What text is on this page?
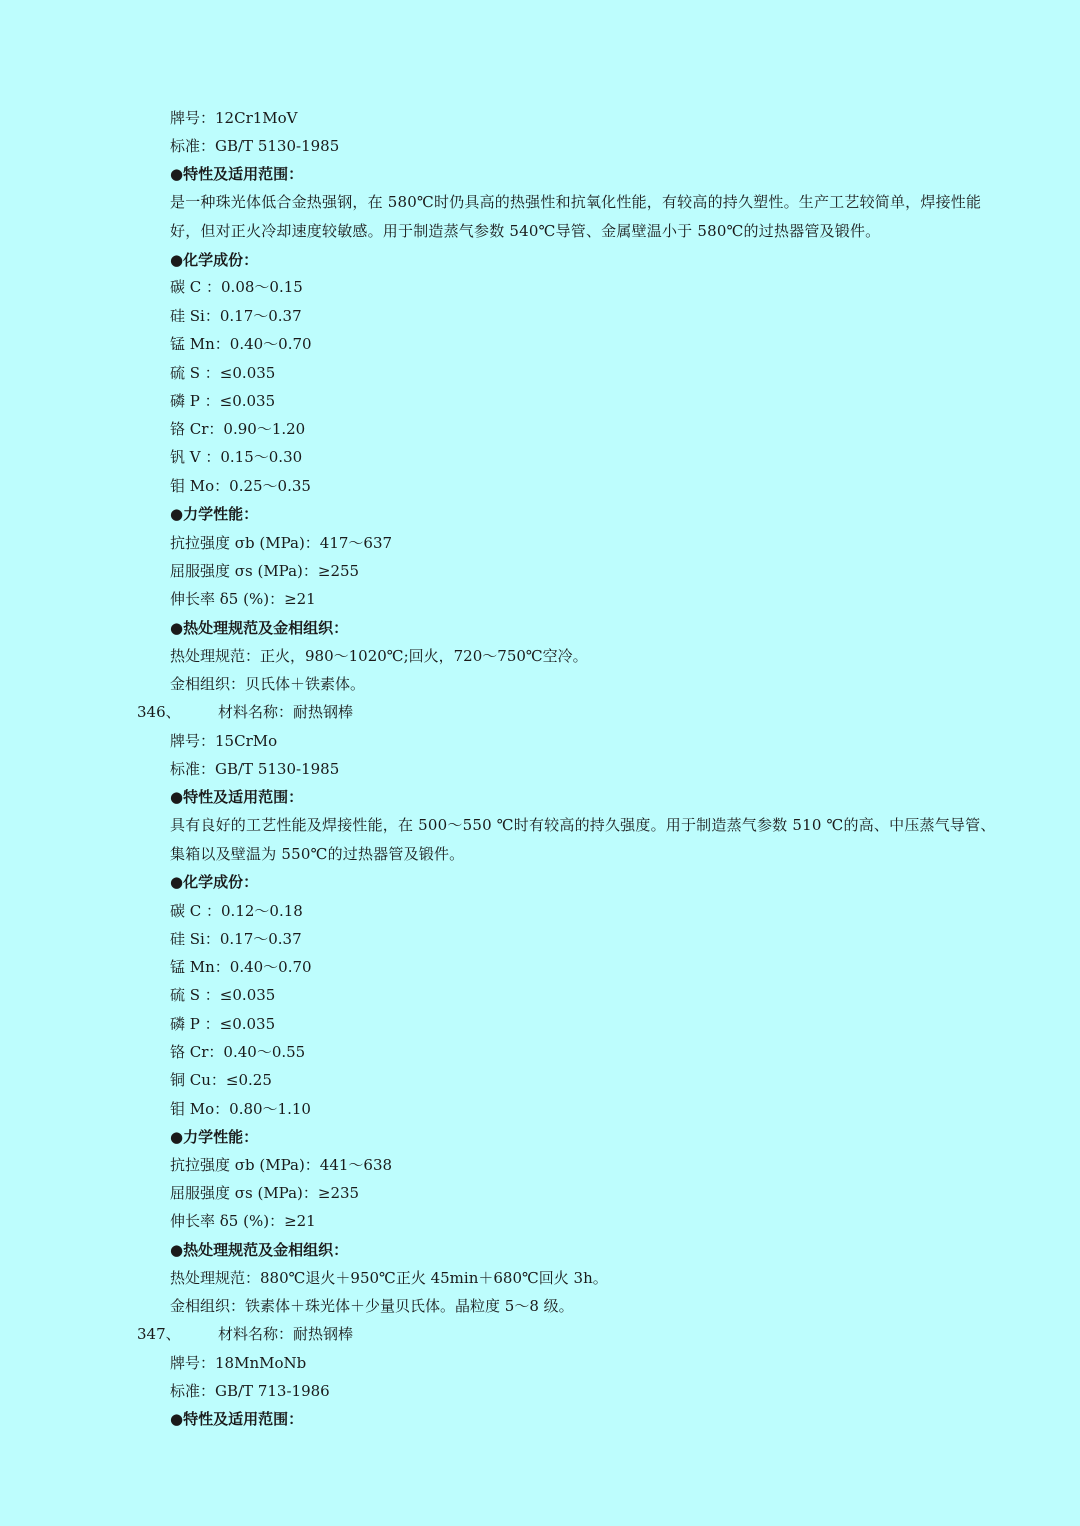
牌号：12Cr1MoV
标准：GB/T 5130-1985
●特性及适用范围：
是一种珠光体低合金热强钢，在 580℃时仍具高的热强性和抗氧化性能，有较高的持久塑性。生产工艺较简单，焊接性能好，但对正火冷却速度较敏感。用于制造蒸气参数 540℃导管、金属壁温小于 580℃的过热器管及锻件。
●化学成份：
碳 C ：0.08～0.15
硅 Si：0.17～0.37
锰 Mn：0.40～0.70
硫 S ：≤0.035
磷 P ：≤0.035
铬 Cr：0.90～1.20
钒 V ：0.15～0.30
钼 Mo：0.25～0.35
●力学性能：
抗拉强度 σb (MPa)：417～637
屈服强度 σs (MPa)：≥255
伸长率 δ5 (%)：≥21
●热处理规范及金相组织：
热处理规范：正火，980～1020℃;回火，720～750℃空冷。
金相组织：贝氏体＋铁素体。
346、 材料名称：耐热钢棒
牌号：15CrMo
标准：GB/T 5130-1985
●特性及适用范围：
具有良好的工艺性能及焊接性能，在 500～550 ℃时有较高的持久强度。用于制造蒸气参数 510 ℃的高、中压蒸气导管、集箱以及壁温为 550℃的过热器管及锻件。
●化学成份：
碳 C ：0.12～0.18
硅 Si：0.17～0.37
锰 Mn：0.40～0.70
硫 S ：≤0.035
磷 P ：≤0.035
铬 Cr：0.40～0.55
铜 Cu：≤0.25
钼 Mo：0.80～1.10
●力学性能：
抗拉强度 σb (MPa)：441～638
屈服强度 σs (MPa)：≥235
伸长率 δ5 (%)：≥21
●热处理规范及金相组织：
热处理规范：880℃退火＋950℃正火 45min＋680℃回火 3h。
金相组织：铁素体＋珠光体＋少量贝氏体。晶粒度 5～8 级。
347、 材料名称：耐热钢棒
牌号：18MnMoNb
标准：GB/T 713-1986
●特性及适用范围：
